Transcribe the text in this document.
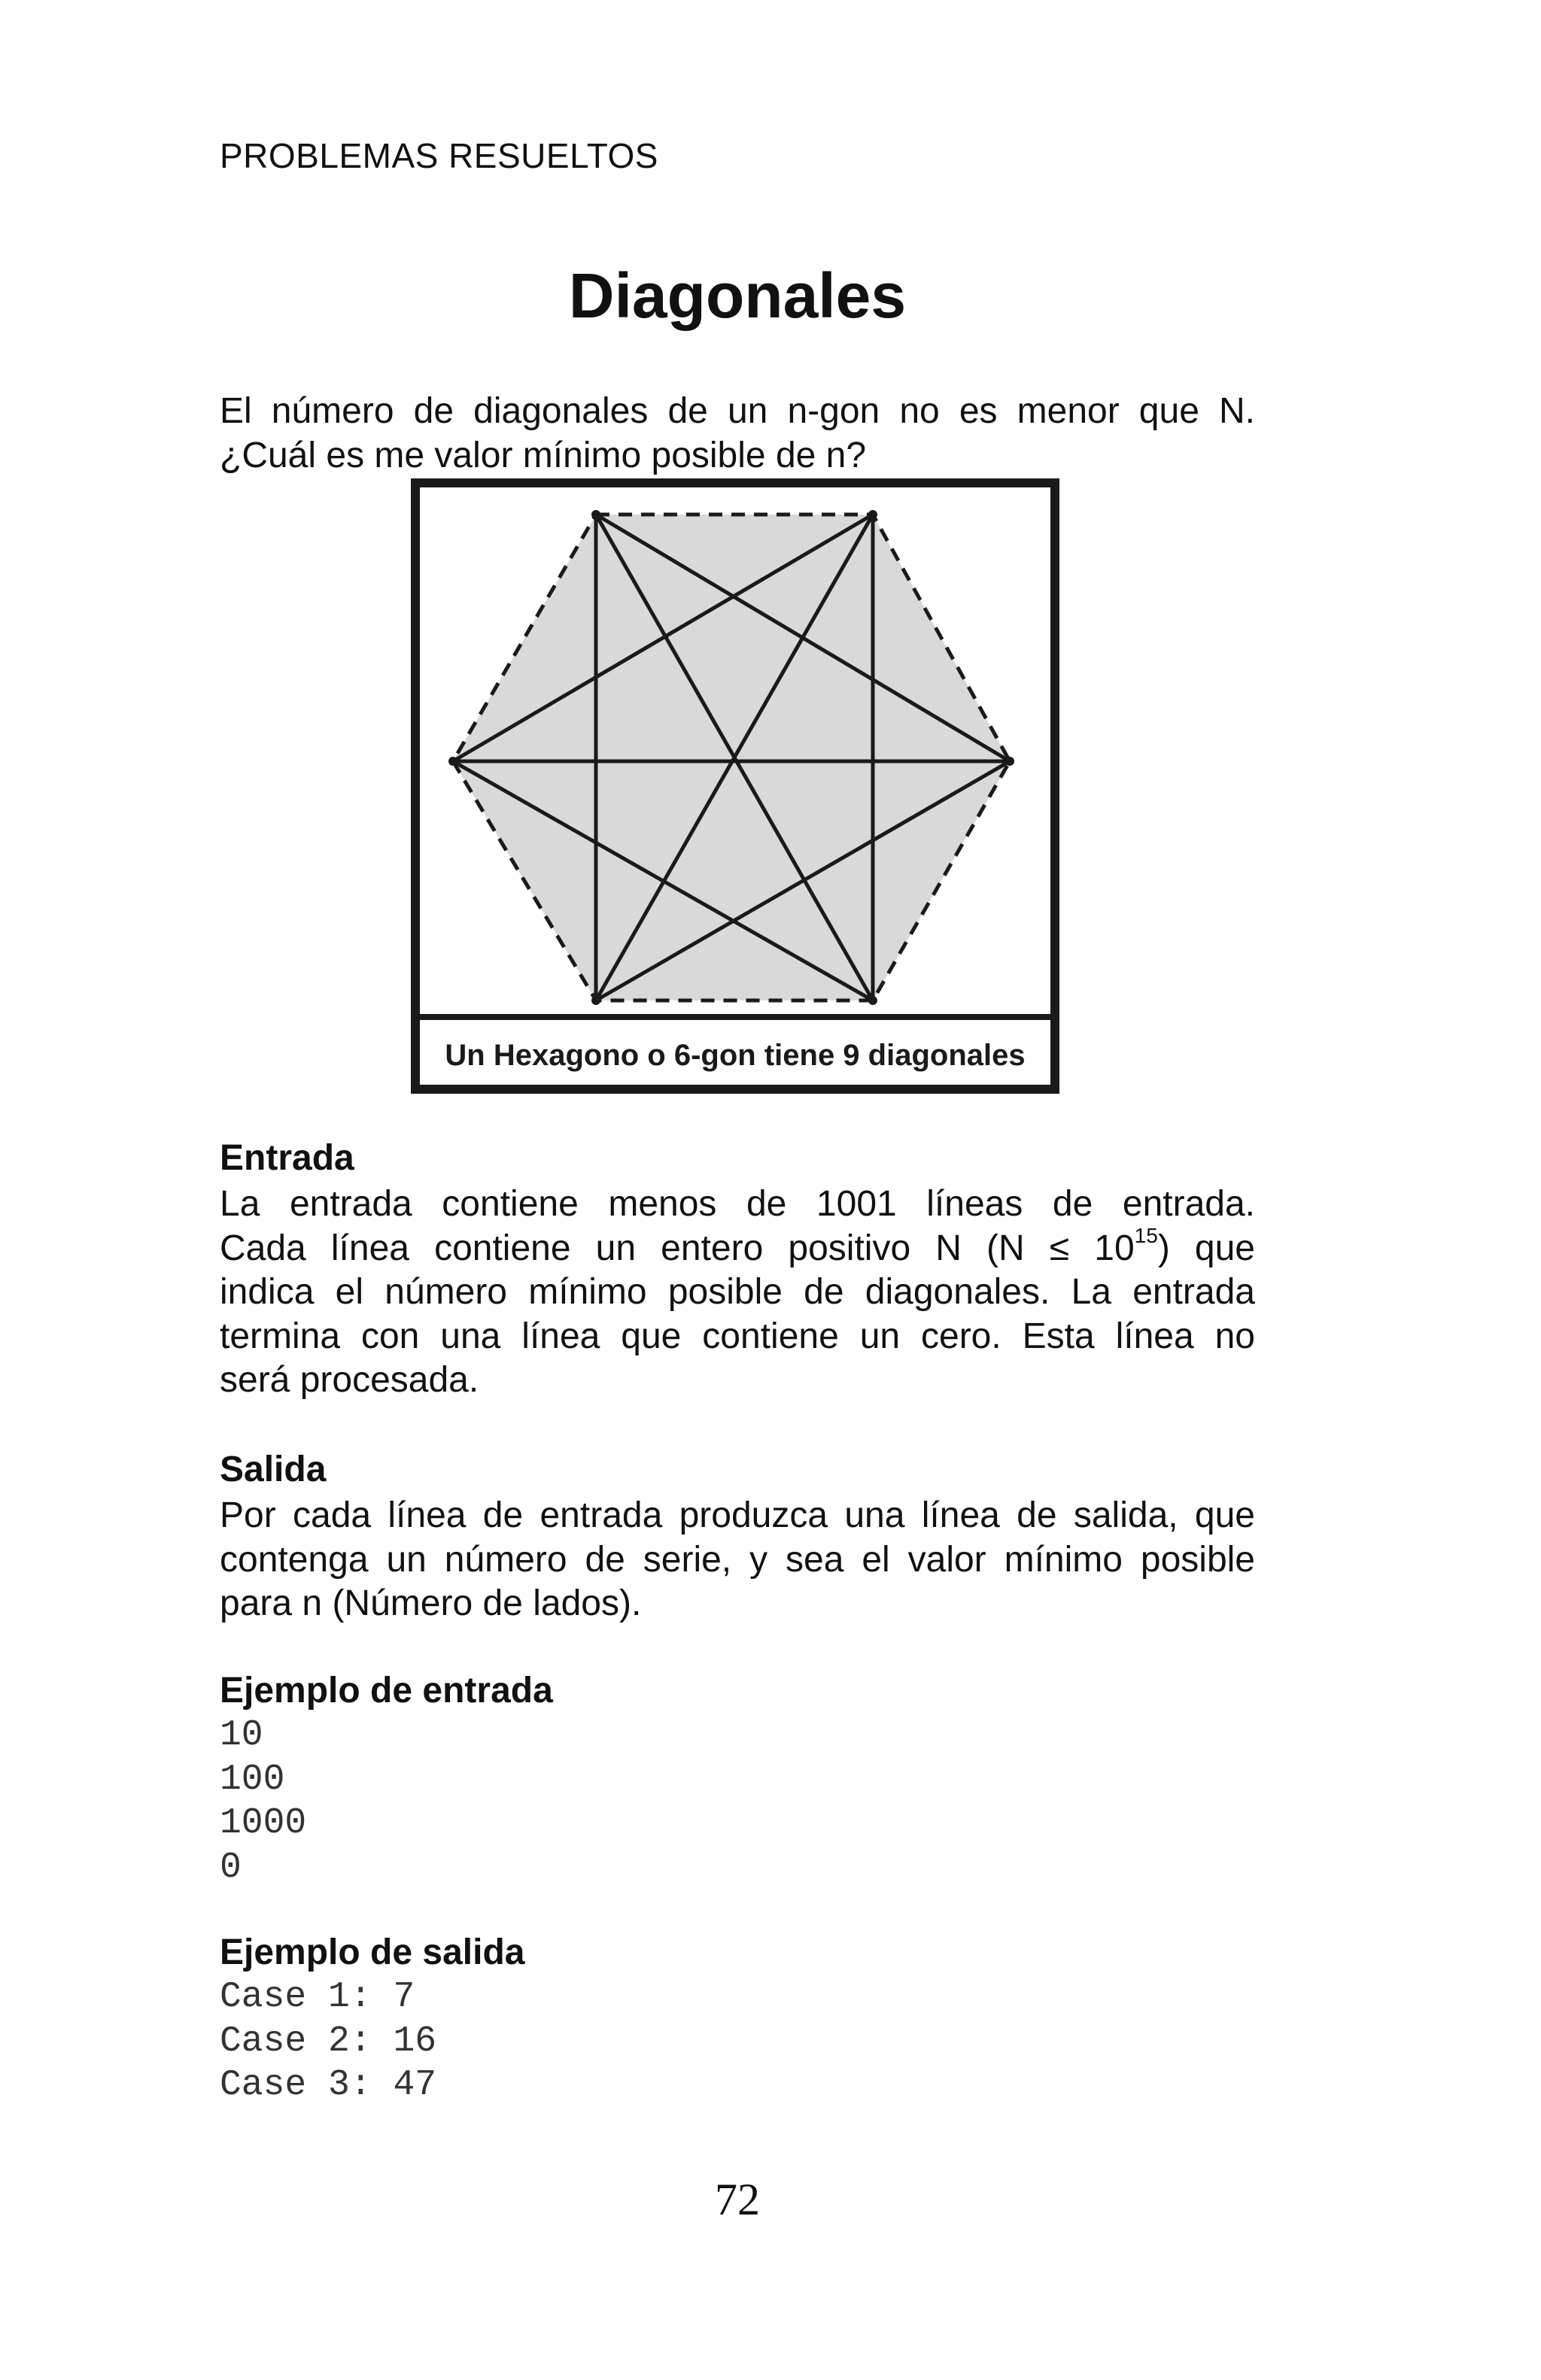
PROBLEMAS RESUELTOS
Diagonales
El número de diagonales de un n-gon no es menor que N.
¿Cuál es me valor mínimo posible de n?
Un Hexagono o 6-gon tiene 9 diagonales
Entrada
La entrada contiene menos de 1001 líneas de entrada.
Cada línea contiene un entero positivo N $(N \le 10^{15})$ que
indica el número mínimo posible de diagonales. La entrada
termina con una línea que contiene un cero. Esta línea no
será procesada.
Salida
Por cada línea de entrada produzca una línea de salida, que
contenga un número de serie, y sea el valor mínimo posible
para n (Número de lados).
Ejemplo de entrada
10
100
1000
0
Ejemplo de salida
Case 1: 7
Case 2: 16
Case 3: 47
72
